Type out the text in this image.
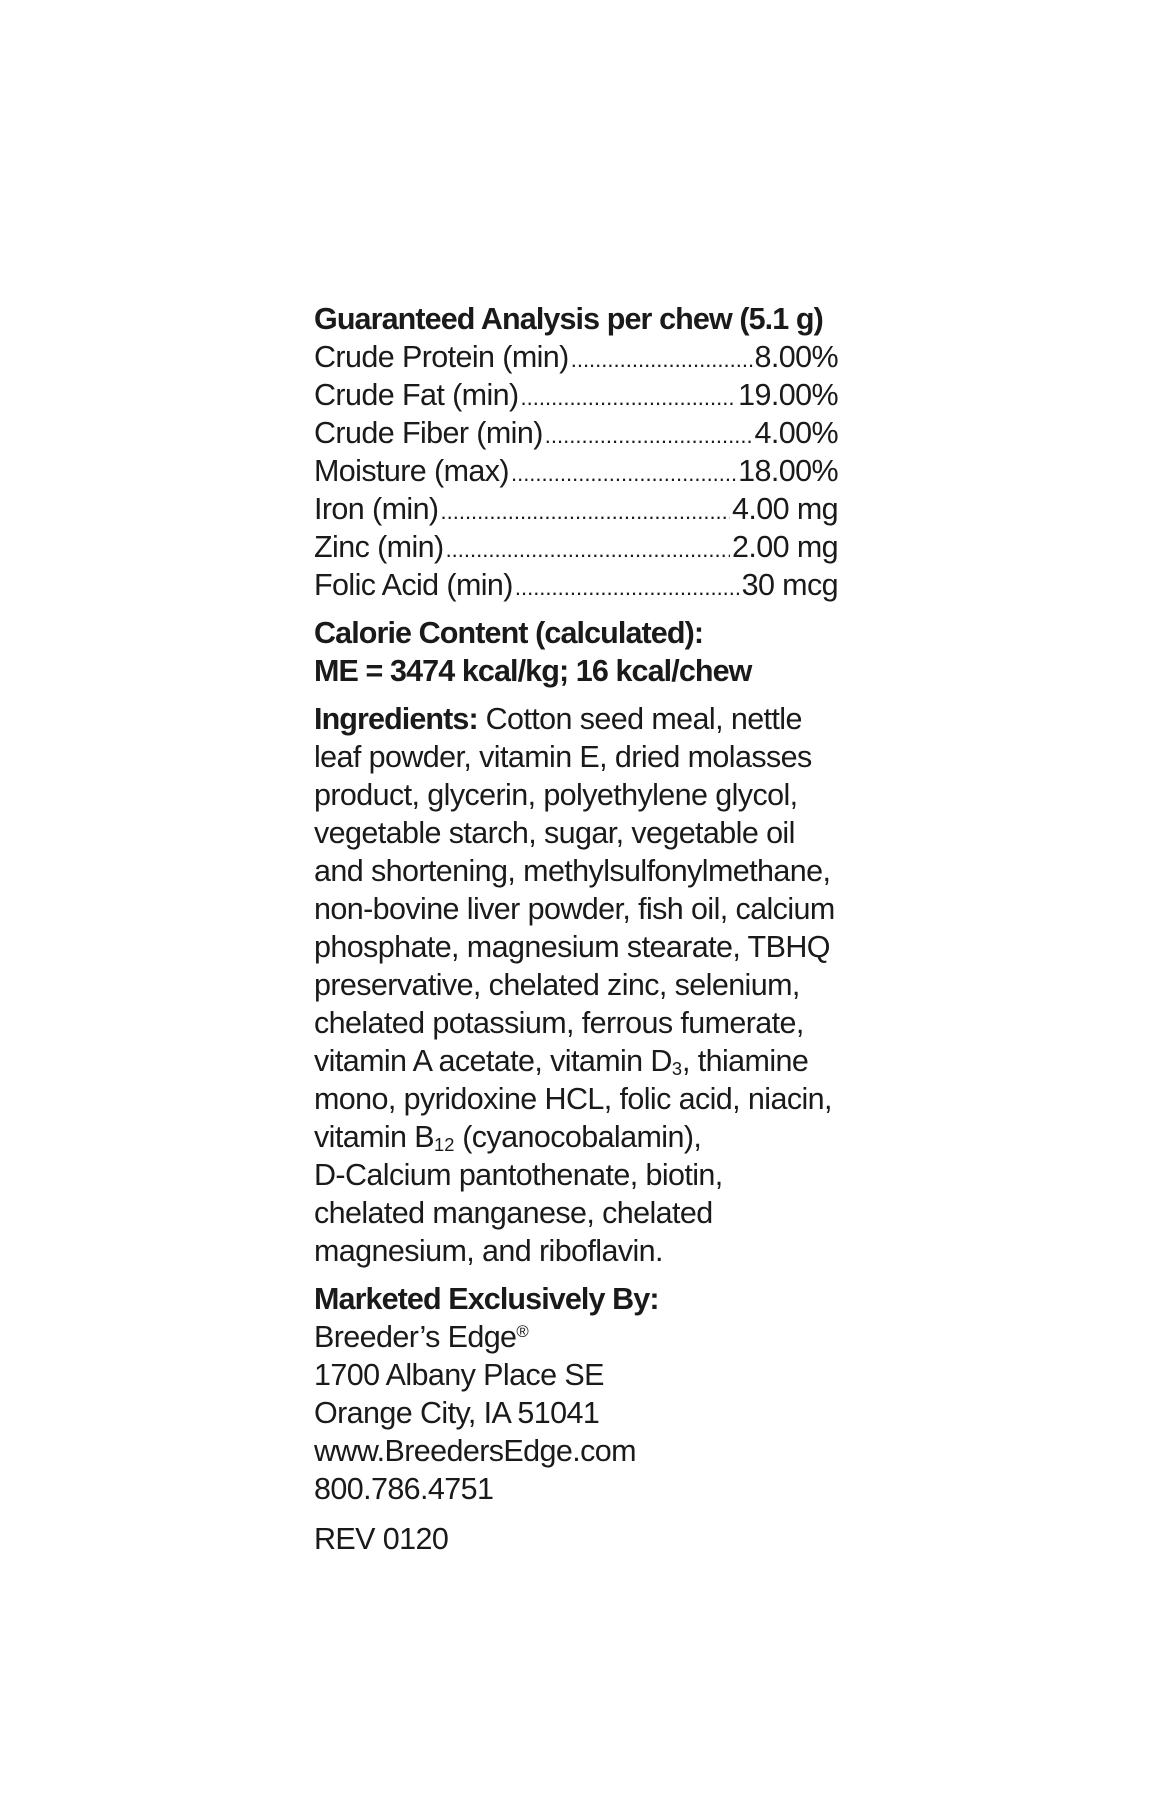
Guaranteed Analysis per chew (5.1 g)
Crude Protein (min) .....	8.00%
Crude Fat (min) .....	19.00%
Crude Fiber (min) .....	4.00%
Moisture (max) .....	18.00%
Iron (min) .....	4.00 mg
Zinc (min) .....	2.00 mg
Folic Acid (min) .....	30 mcg
Calorie Content (calculated):
ME = 3474 kcal/kg; 16 kcal/chew
Ingredients: Cotton seed meal, nettle
leaf powder, vitamin E, dried molasses
product, glycerin, polyethylene glycol,
vegetable starch, sugar, vegetable oil
and shortening, methylsulfonylmethane,
non-bovine liver powder, fish oil, calcium
phosphate, magnesium stearate, TBHQ
preservative, chelated zinc, selenium,
chelated potassium, ferrous fumerate,
vitamin A acetate, vitamin $D_3$, thiamine
mono, pyridoxine HCL, folic acid, niacin,
vitamin $B_{12}$ (cyanocobalamin),
D-Calcium pantothenate, biotin,
chelated manganese, chelated
magnesium, and riboflavin.
Marketed Exclusively By:
Breeder’s Edge®
1700 Albany Place SE
Orange City, IA 51041
www.BreedersEdge.com
800.786.4751
REV 0120
